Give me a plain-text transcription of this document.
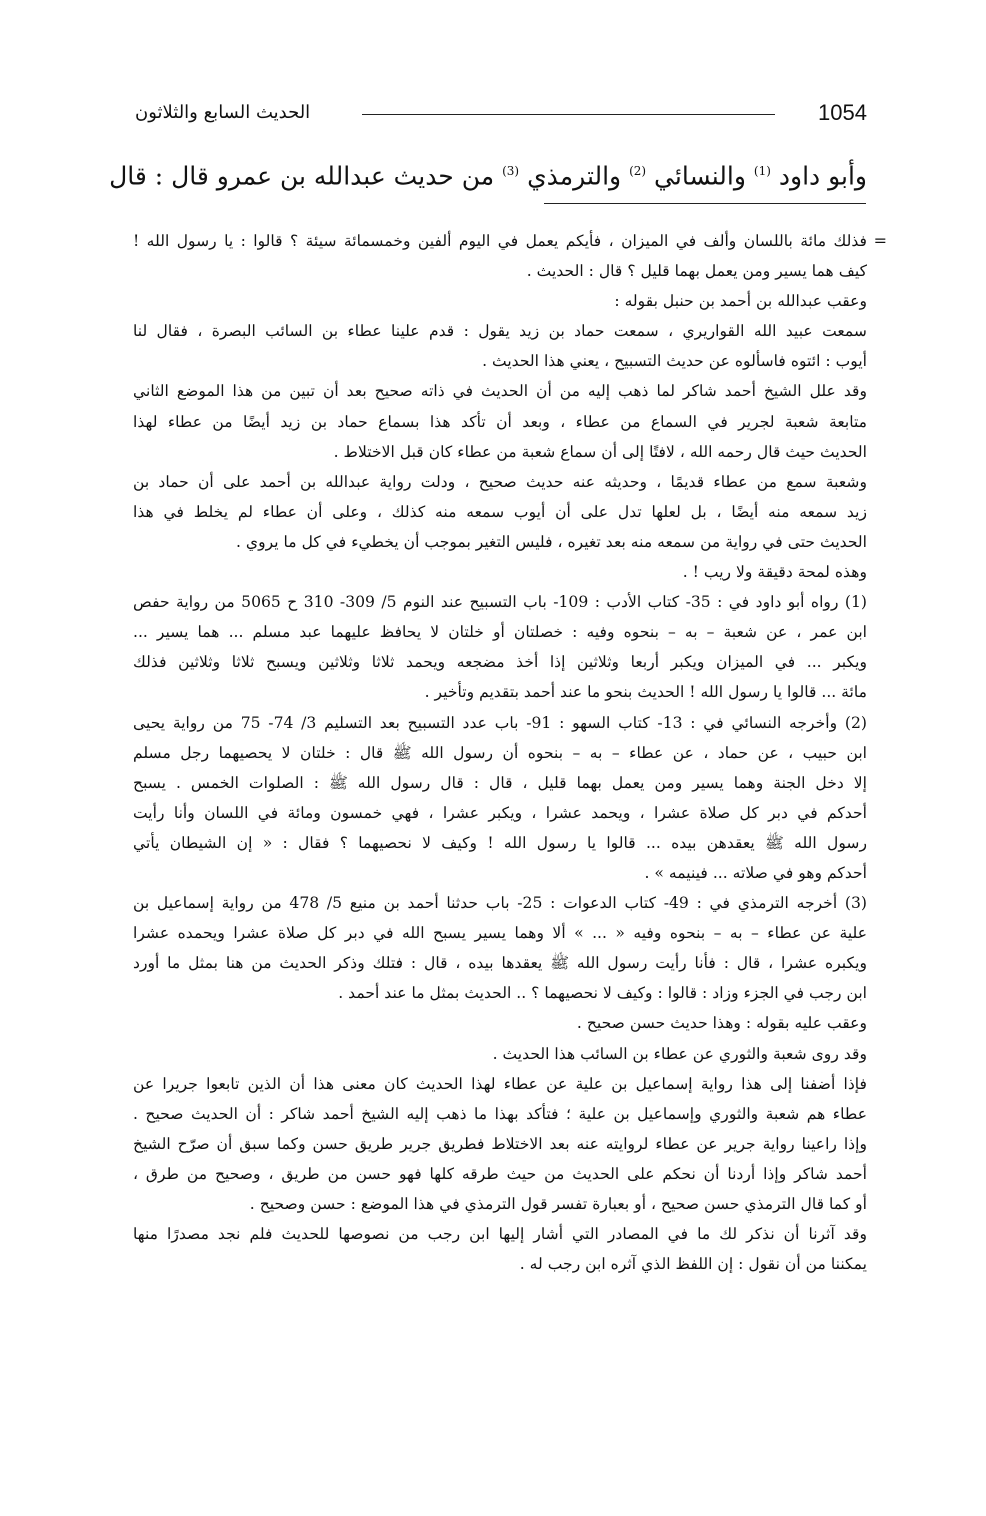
1054
الحديث السابع والثلاثون
وأبو داود $^{(1)}$ والنسائي $^{(2)}$ والترمذي $^{(3)}$ من حديث عبدالله بن عمرو قال : قال
=
فذلك مائة باللسان وألف في الميزان ، فأيكم يعمل في اليوم ألفين وخمسمائة سيئة ؟ قالوا : يا رسول الله !
كيف هما يسير ومن يعمل بهما قليل ؟ قال : الحديث .
وعقب عبدالله بن أحمد بن حنبل بقوله :
سمعت عبيد الله القواريري ، سمعت حماد بن زيد يقول : قدم علينا عطاء بن السائب البصرة ، فقال لنا
أيوب : ائتوه فاسألوه عن حديث التسبيح ، يعني هذا الحديث .
وقد علل الشيخ أحمد شاكر لما ذهب إليه من أن الحديث في ذاته صحيح بعد أن تبين من هذا الموضع الثاني
متابعة شعبة لجرير في السماع من عطاء ، وبعد أن تأكد هذا بسماع حماد بن زيد أيضًا من عطاء لهذا
الحديث حيث قال رحمه الله ، لافتًا إلى أن سماع شعبة من عطاء كان قبل الاختلاط .
وشعبة سمع من عطاء قديمًا ، وحديثه عنه حديث صحيح ، ودلت رواية عبدالله بن أحمد على أن حماد بن
زيد سمعه منه أيضًا ، بل لعلها تدل على أن أيوب سمعه منه كذلك ، وعلى أن عطاء لم يخلط في هذا
الحديث حتى في رواية من سمعه منه بعد تغيره ، فليس التغير بموجب أن يخطيء في كل ما يروي .
وهذه لمحة دقيقة ولا ريب ! .
(1) رواه أبو داود في : 35- كتاب الأدب : 109- باب التسبيح عند النوم 5/ 309- 310 ح 5065 من رواية حفص
ابن عمر ، عن شعبة – به – بنحوه وفيه : خصلتان أو خلتان لا يحافظ عليهما عبد مسلم ... هما يسير ...
ويكبر ... في الميزان ويكبر أربعا وثلاثين إذا أخذ مضجعه ويحمد ثلاثا وثلاثين ويسبح ثلاثا وثلاثين فذلك
مائة ... قالوا يا رسول الله ! الحديث بنحو ما عند أحمد بتقديم وتأخير .
(2) وأخرجه النسائي في : 13- كتاب السهو : 91- باب عدد التسبيح بعد التسليم 3/ 74- 75 من رواية يحيى
ابن حبيب ، عن حماد ، عن عطاء – به – بنحوه أن رسول الله ﷺ قال : خلتان لا يحصيهما رجل مسلم
إلا دخل الجنة وهما يسير ومن يعمل بهما قليل ، قال : قال رسول الله ﷺ : الصلوات الخمس . يسبح
أحدكم في دبر كل صلاة عشرا ، ويحمد عشرا ، ويكبر عشرا ، فهي خمسون ومائة في اللسان وأنا رأيت
رسول الله ﷺ يعقدهن بيده ... قالوا يا رسول الله ! وكيف لا نحصيهما ؟ فقال : « إن الشيطان يأتي
أحدكم وهو في صلاته ... فينيمه » .
(3) أخرجه الترمذي في : 49- كتاب الدعوات : 25- باب حدثنا أحمد بن منيع 5/ 478 من رواية إسماعيل بن
علية عن عطاء – به – بنحوه وفيه « ... » ألا وهما يسير يسبح الله في دبر كل صلاة عشرا ويحمده عشرا
ويكبره عشرا ، قال : فأنا رأيت رسول الله ﷺ يعقدها بيده ، قال : فتلك وذكر الحديث من هنا بمثل ما أورد
ابن رجب في الجزء وزاد : قالوا : وكيف لا نحصيهما ؟ .. الحديث بمثل ما عند أحمد .
وعقب عليه بقوله : وهذا حديث حسن صحيح .
وقد روى شعبة والثوري عن عطاء بن السائب هذا الحديث .
فإذا أضفنا إلى هذا رواية إسماعيل بن علية عن عطاء لهذا الحديث كان معنى هذا أن الذين تابعوا جريرا عن
عطاء هم شعبة والثوري وإسماعيل بن علية ؛ فتأكد بهذا ما ذهب إليه الشيخ أحمد شاكر : أن الحديث صحيح .
وإذا راعينا رواية جرير عن عطاء لروايته عنه بعد الاختلاط فطريق جرير طريق حسن وكما سبق أن صرّح الشيخ
أحمد شاكر وإذا أردنا أن نحكم على الحديث من حيث طرقه كلها فهو حسن من طريق ، وصحيح من طرق ،
أو كما قال الترمذي حسن صحيح ، أو بعبارة تفسر قول الترمذي في هذا الموضع : حسن وصحيح .
وقد آثرنا أن نذكر لك ما في المصادر التي أشار إليها ابن رجب من نصوصها للحديث فلم نجد مصدرًا منها
يمكننا من أن نقول : إن اللفظ الذي آثره ابن رجب له .
